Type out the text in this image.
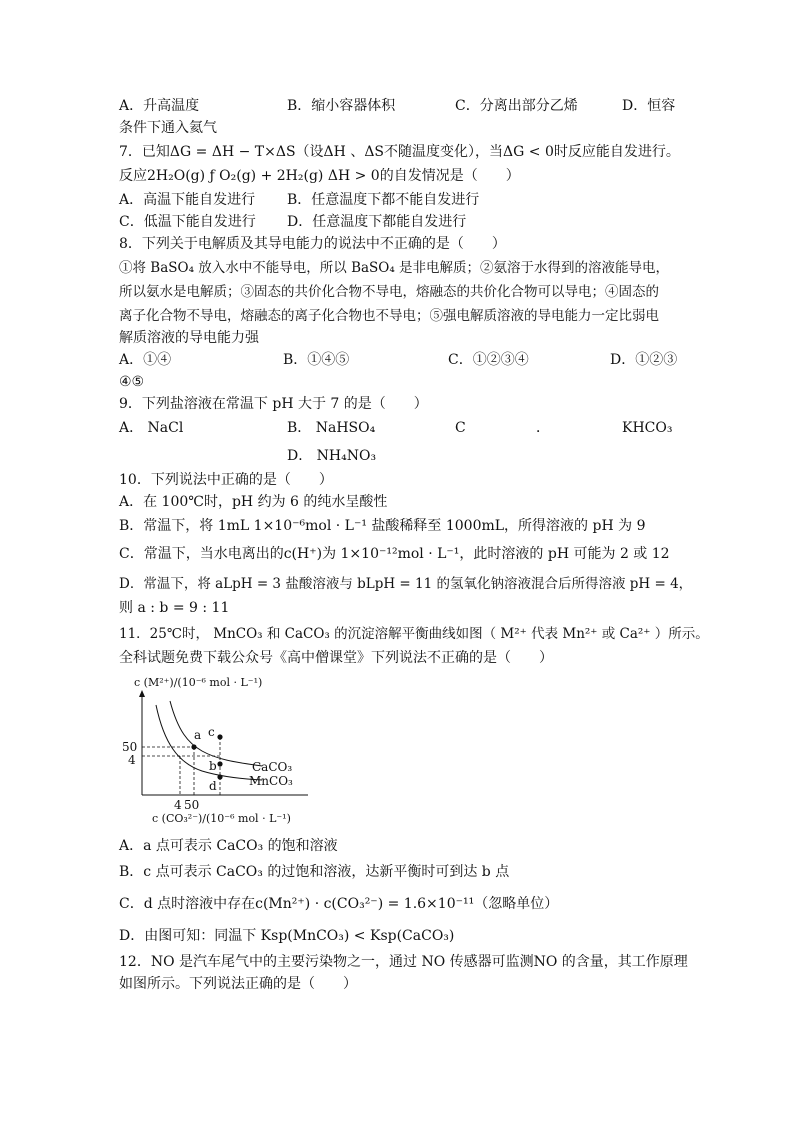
A．升高温度	B．缩小容器体积	C．分离出部分乙烯	D．恒容
条件下通入氦气
7．已知ΔG = ΔH − T×ΔS（设ΔH 、ΔS不随温度变化），当ΔG < 0时反应能自发进行。
反应2H₂O(g) ƒ O₂(g) + 2H₂(g) ΔH > 0的自发情况是（　　）
A．高温下能自发进行 B．任意温度下都不能自发进行
C．低温下能自发进行 D．任意温度下都能自发进行
8．下列关于电解质及其导电能力的说法中不正确的是（　　）
①将 BaSO₄ 放入水中不能导电，所以 BaSO₄ 是非电解质；②氨溶于水得到的溶液能导电，
所以氨水是电解质；③固态的共价化合物不导电，熔融态的共价化合物可以导电；④固态的
离子化合物不导电，熔融态的离子化合物也不导电；⑤强电解质溶液的导电能力一定比弱电
解质溶液的导电能力强
A．①④	B．①④⑤	C．①②③④	D．①②③
④⑤
9．下列盐溶液在常温下 pH 大于 7 的是（　　）
A． NaCl	B． NaHSO₄	C	．	KHCO₃
D． NH₄NO₃
10．下列说法中正确的是（　　）
A．在 100℃时，pH 约为 6 的纯水呈酸性
B．常温下，将 1mL 1×10⁻⁶mol · L⁻¹ 盐酸稀释至 1000mL，所得溶液的 pH 为 9
C．常温下，当水电离出的c(H⁺)为 1×10⁻¹²mol · L⁻¹，此时溶液的 pH 可能为 2 或 12
D．常温下，将 aLpH = 3 盐酸溶液与 bLpH = 11 的氢氧化钠溶液混合后所得溶液 pH = 4，
则 a : b = 9 : 11
11．25℃时， MnCO₃ 和 CaCO₃ 的沉淀溶解平衡曲线如图（ M²⁺ 代表 Mn²⁺ 或 Ca²⁺ ）所示。
全科试题免费下载公众号《高中僧课堂》下列说法不正确的是（　　）
c (M²⁺)/(10⁻⁶ mol · L⁻¹)
a c
b
d
50
4
4 50
CaCO₃
MnCO₃
c (CO₃²⁻)/(10⁻⁶ mol · L⁻¹)
A．a 点可表示 CaCO₃ 的饱和溶液
B．c 点可表示 CaCO₃ 的过饱和溶液，达新平衡时可到达 b 点
C．d 点时溶液中存在c(Mn²⁺) · c(CO₃²⁻) = 1.6×10⁻¹¹（忽略单位）
D．由图可知：同温下 Ksp(MnCO₃) < Ksp(CaCO₃)
12．NO 是汽车尾气中的主要污染物之一，通过 NO 传感器可监测NO 的含量，其工作原理
如图所示。下列说法正确的是（　　）
